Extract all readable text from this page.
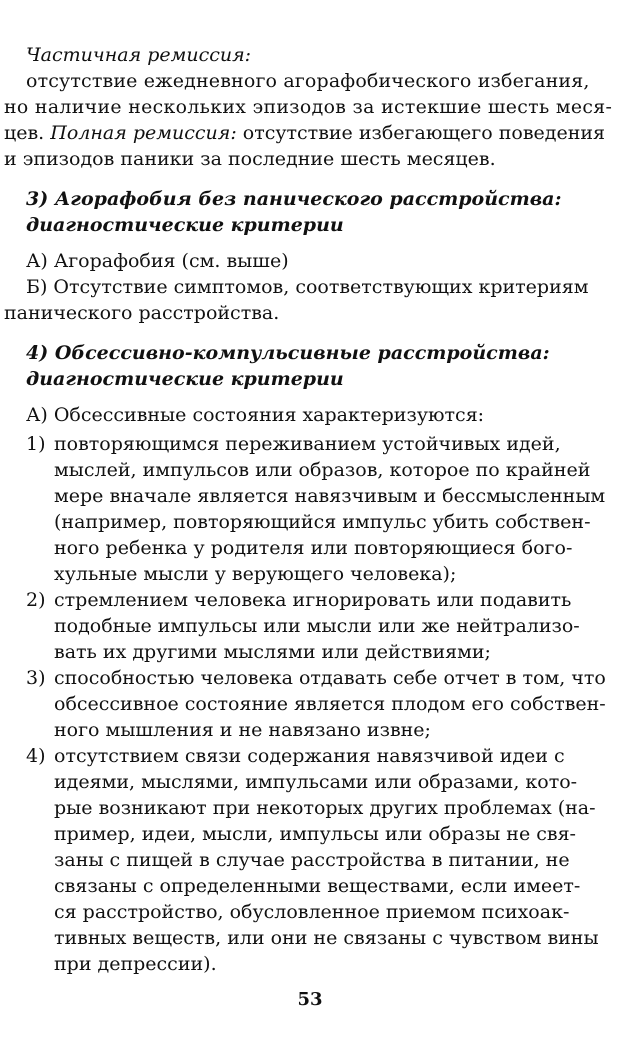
Частичная ремиссия:
отсутствие ежедневного агорафобического избегания,
но наличие нескольких эпизодов за истекшие шесть меся-
цев. Полная ремиссия: отсутствие избегающего поведения
и эпизодов паники за последние шесть месяцев.
3) Агорафобия без панического расстройства:
диагностические критерии
А) Агорафобия (см. выше)
Б) Отсутствие симптомов, соответствующих критериям
панического расстройства.
4) Обсессивно-компульсивные расстройства:
диагностические критерии
А) Обсессивные состояния характеризуются:
1) повторяющимся переживанием устойчивых идей,
мыслей, импульсов или образов, которое по крайней
мере вначале является навязчивым и бессмысленным
(например, повторяющийся импульс убить собствен-
ного ребенка у родителя или повторяющиеся бого-
хульные мысли у верующего человека);
2) стремлением человека игнорировать или подавить
подобные импульсы или мысли или же нейтрализо-
вать их другими мыслями или действиями;
3) способностью человека отдавать себе отчет в том, что
обсессивное состояние является плодом его собствен-
ного мышления и не навязано извне;
4) отсутствием связи содержания навязчивой идеи с
идеями, мыслями, импульсами или образами, кото-
рые возникают при некоторых других проблемах (на-
пример, идеи, мысли, импульсы или образы не свя-
заны с пищей в случае расстройства в питании, не
связаны с определенными веществами, если имеет-
ся расстройство, обусловленное приемом психоак-
тивных веществ, или они не связаны с чувством вины
при депрессии).
53
